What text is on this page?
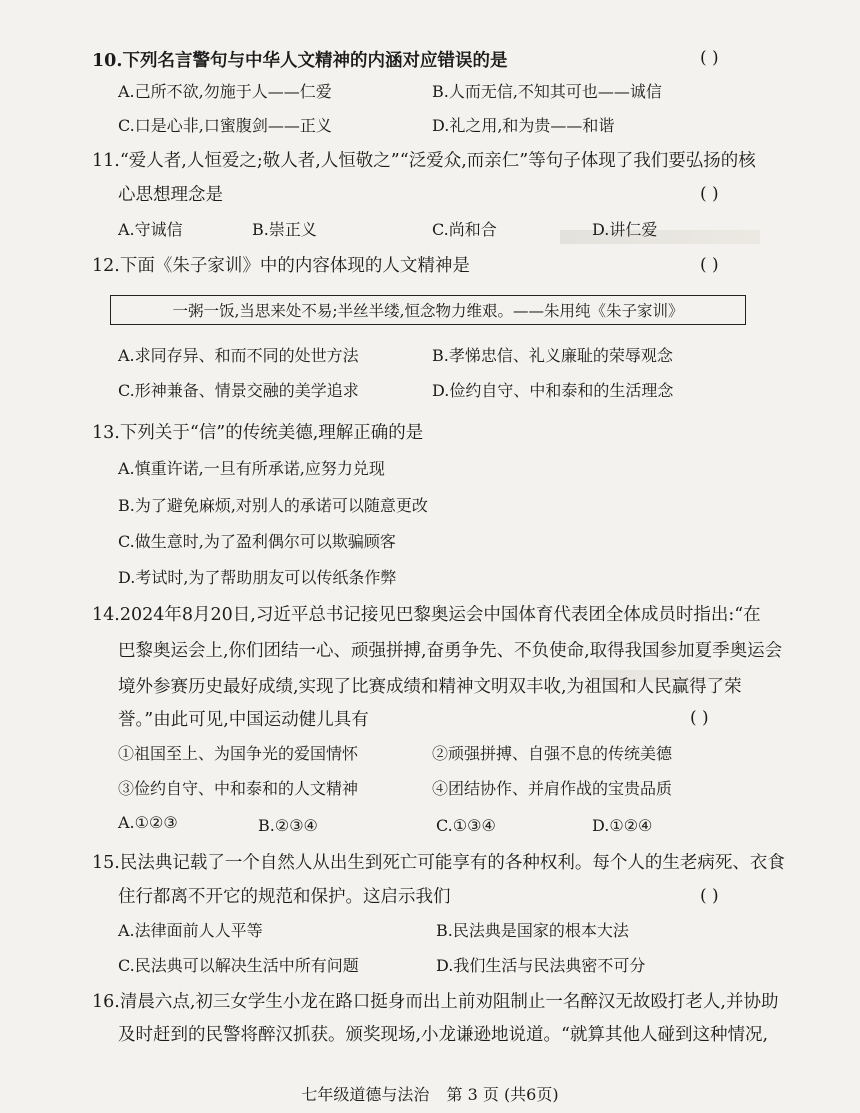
10.下列名言警句与中华人文精神的内涵对应错误的是	( )
A.己所不欲,勿施于人——仁爱	B.人而无信,不知其可也——诚信
C.口是心非,口蜜腹剑——正义	D.礼之用,和为贵——和谐
11.“爱人者,人恒爱之;敬人者,人恒敬之”“泛爱众,而亲仁”等句子体现了我们要弘扬的核
心思想理念是	( )
A.守诚信	B.崇正义	C.尚和合	D.讲仁爱
12.下面《朱子家训》中的内容体现的人文精神是	( )
一粥一饭,当思来处不易;半丝半缕,恒念物力维艰。——朱用纯《朱子家训》
A.求同存异、和而不同的处世方法	B.孝悌忠信、礼义廉耻的荣辱观念
C.形神兼备、情景交融的美学追求	D.俭约自守、中和泰和的生活理念
13.下列关于“信”的传统美德,理解正确的是
A.慎重许诺,一旦有所承诺,应努力兑现
B.为了避免麻烦,对别人的承诺可以随意更改
C.做生意时,为了盈利偶尔可以欺骗顾客
D.考试时,为了帮助朋友可以传纸条作弊
14.2024年8月20日,习近平总书记接见巴黎奥运会中国体育代表团全体成员时指出:“在
巴黎奥运会上,你们团结一心、顽强拼搏,奋勇争先、不负使命,取得我国参加夏季奥运会
境外参赛历史最好成绩,实现了比赛成绩和精神文明双丰收,为祖国和人民赢得了荣
誉。”由此可见,中国运动健儿具有	( )
①祖国至上、为国争光的爱国情怀	②顽强拼搏、自强不息的传统美德
③俭约自守、中和泰和的人文精神	④团结协作、并肩作战的宝贵品质
A.①②③	B.②③④	C.①③④	D.①②④
15.民法典记载了一个自然人从出生到死亡可能享有的各种权利。每个人的生老病死、衣食
住行都离不开它的规范和保护。这启示我们	( )
A.法律面前人人平等	B.民法典是国家的根本大法
C.民法典可以解决生活中所有问题	D.我们生活与民法典密不可分
16.清晨六点,初三女学生小龙在路口挺身而出上前劝阻制止一名醉汉无故殴打老人,并协助
及时赶到的民警将醉汉抓获。颁奖现场,小龙谦逊地说道。“就算其他人碰到这种情况,
七年级道德与法治 第 3 页 (共6页)
